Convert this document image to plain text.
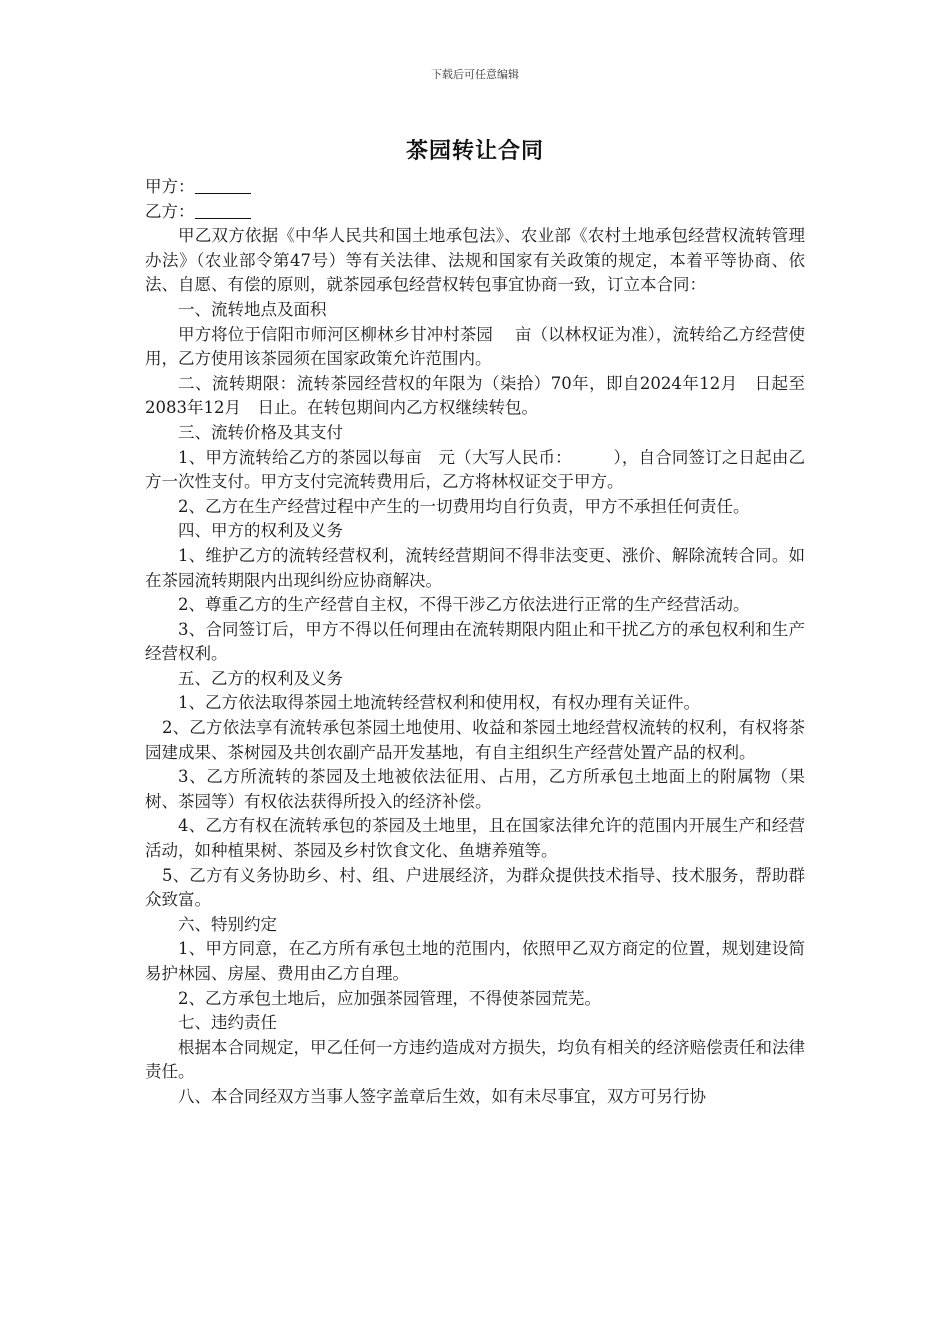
下载后可任意编辑
茶园转让合同

甲方：

乙方：

甲乙双方依据《中华人民共和国土地承包法》、农业部《农村土地承包经营权流转管理办法》（农业部令第47号）等有关法律、法规和国家有关政策的规定，本着平等协商、依法、自愿、有偿的原则，就茶园承包经营权转包事宜协商一致，订立本合同：

一、流转地点及面积

甲方将位于信阳市师河区柳林乡甘冲村茶园　 亩（以林权证为准），流转给乙方经营使用，乙方使用该茶园须在国家政策允许范围内。

二、流转期限：流转茶园经营权的年限为（柒拾）70年，即自2024年12月　日起至2083年12月　日止。在转包期间内乙方权继续转包。

三、流转价格及其支付

1、甲方流转给乙方的茶园以每亩　元（大写人民币：　　　），自合同签订之日起由乙方一次性支付。甲方支付完流转费用后，乙方将林权证交于甲方。

2、乙方在生产经营过程中产生的一切费用均自行负责，甲方不承担任何责任。

四、甲方的权利及义务

1、维护乙方的流转经营权利，流转经营期间不得非法变更、涨价、解除流转合同。如在茶园流转期限内出现纠纷应协商解决。

2、尊重乙方的生产经营自主权，不得干涉乙方依法进行正常的生产经营活动。

3、合同签订后，甲方不得以任何理由在流转期限内阻止和干扰乙方的承包权利和生产经营权利。

五、乙方的权利及义务

1、乙方依法取得茶园土地流转经营权利和使用权，有权办理有关证件。

2、乙方依法享有流转承包茶园土地使用、收益和茶园土地经营权流转的权利，有权将茶园建成果、茶树园及共创农副产品开发基地，有自主组织生产经营处置产品的权利。

3、乙方所流转的茶园及土地被依法征用、占用，乙方所承包土地面上的附属物（果树、茶园等）有权依法获得所投入的经济补偿。

4、乙方有权在流转承包的茶园及土地里，且在国家法律允许的范围内开展生产和经营活动，如种植果树、茶园及乡村饮食文化、鱼塘养殖等。

5、乙方有义务协助乡、村、组、户进展经济，为群众提供技术指导、技术服务，帮助群众致富。

六、特别约定

1、甲方同意，在乙方所有承包土地的范围内，依照甲乙双方商定的位置，规划建设简易护林园、房屋、费用由乙方自理。

2、乙方承包土地后，应加强茶园管理，不得使茶园荒芜。

七、违约责任

根据本合同规定，甲乙任何一方违约造成对方损失，均负有相关的经济赔偿责任和法律责任。

八、本合同经双方当事人签字盖章后生效，如有未尽事宜，双方可另行协
